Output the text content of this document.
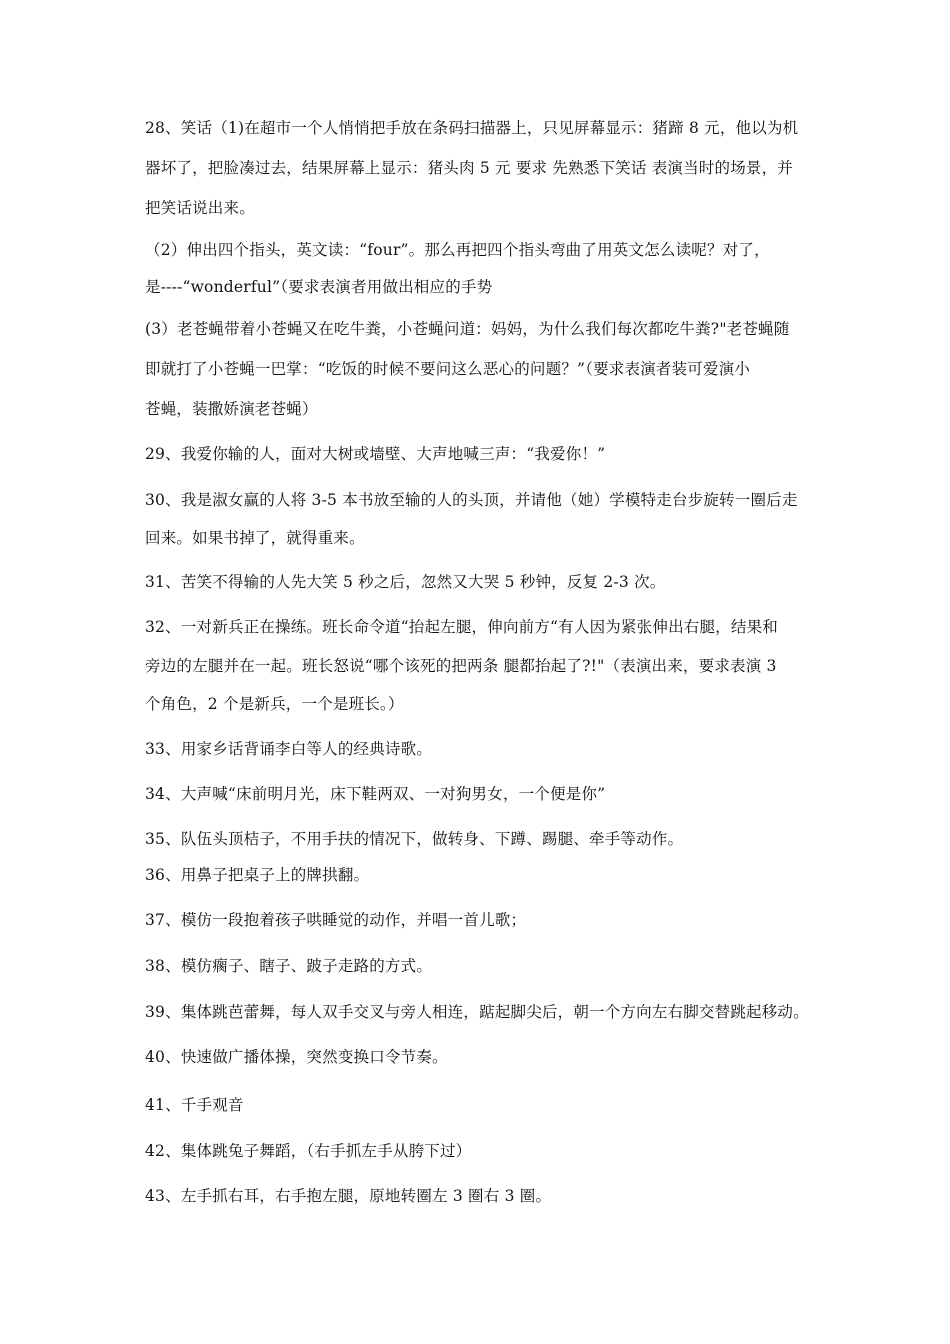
28、笑话（1)在超市一个人悄悄把手放在条码扫描器上，只见屏幕显示：猪蹄 8 元，他以为机
器坏了，把脸凑过去，结果屏幕上显示：猪头肉 5 元 要求 先熟悉下笑话 表演当时的场景，并
把笑话说出来。
（2）伸出四个指头，英文读：“four”。那么再把四个指头弯曲了用英文怎么读呢？对了，
是----“wonderful”（要求表演者用做出相应的手势
(3）老苍蝇带着小苍蝇又在吃牛粪，小苍蝇问道：妈妈，为什么我们每次都吃牛粪?"老苍蝇随
即就打了小苍蝇一巴掌：“吃饭的时候不要问这么恶心的问题？”（要求表演者装可爱演小
苍蝇，装撒娇演老苍蝇）
29、我爱你输的人，面对大树或墙壁、大声地喊三声：“我爱你！”
30、我是淑女赢的人将 3-5 本书放至输的人的头顶，并请他（她）学模特走台步旋转一圈后走
回来。如果书掉了，就得重来。
31、苦笑不得输的人先大笑 5 秒之后，忽然又大哭 5 秒钟，反复 2-3 次。
32、一对新兵正在操练。班长命令道“抬起左腿，伸向前方“有人因为紧张伸出右腿，结果和
旁边的左腿并在一起。班长怒说“哪个该死的把两条 腿都抬起了?!"（表演出来，要求表演 3
个角色，2 个是新兵，一个是班长。）
33、用家乡话背诵李白等人的经典诗歌。
34、大声喊“床前明月光，床下鞋两双、一对狗男女，一个便是你”
35、队伍头顶桔子，不用手扶的情况下，做转身、下蹲、踢腿、牵手等动作。
36、用鼻子把桌子上的牌拱翻。
37、模仿一段抱着孩子哄睡觉的动作，并唱一首儿歌；
38、模仿瘸子、瞎子、跛子走路的方式。
39、集体跳芭蕾舞，每人双手交叉与旁人相连，踮起脚尖后，朝一个方向左右脚交替跳起移动。
40、快速做广播体操，突然变换口令节奏。
41、千手观音
42、集体跳兔子舞蹈，（右手抓左手从胯下过）
43、左手抓右耳，右手抱左腿，原地转圈左 3 圈右 3 圈。
